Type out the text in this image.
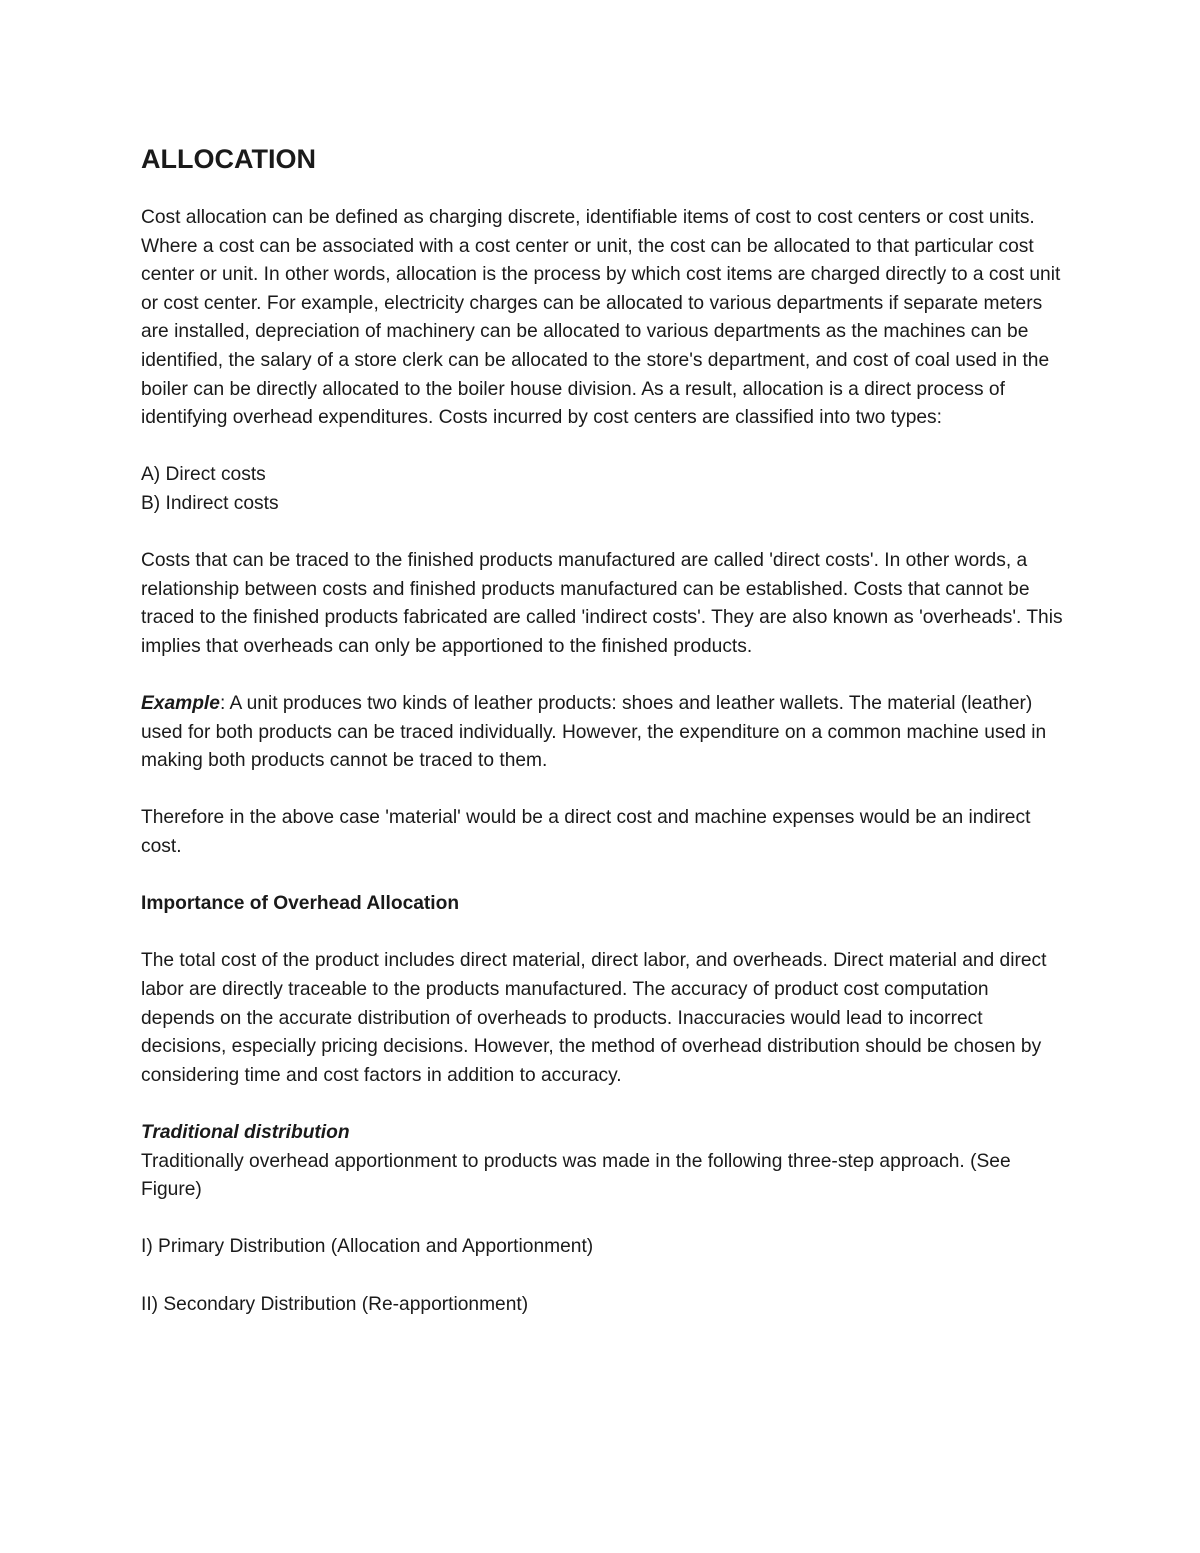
ALLOCATION

Cost allocation can be defined as charging discrete, identifiable items of cost to cost centers or cost units. Where a cost can be associated with a cost center or unit, the cost can be allocated to that particular cost center or unit. In other words, allocation is the process by which cost items are charged directly to a cost unit or cost center. For example, electricity charges can be allocated to various departments if separate meters are installed, depreciation of machinery can be allocated to various departments as the machines can be identified, the salary of a store clerk can be allocated to the store's department, and cost of coal used in the boiler can be directly allocated to the boiler house division. As a result, allocation is a direct process of identifying overhead expenditures. Costs incurred by cost centers are classified into two types:

A) Direct costs

B) Indirect costs

Costs that can be traced to the finished products manufactured are called 'direct costs'. In other words, a relationship between costs and finished products manufactured can be established. Costs that cannot be traced to the finished products fabricated are called 'indirect costs'. They are also known as 'overheads'. This implies that overheads can only be apportioned to the finished products.

Example: A unit produces two kinds of leather products: shoes and leather wallets. The material (leather) used for both products can be traced individually. However, the expenditure on a common machine used in making both products cannot be traced to them.

Therefore in the above case 'material' would be a direct cost and machine expenses would be an indirect cost.

Importance of Overhead Allocation

The total cost of the product includes direct material, direct labor, and overheads. Direct material and direct labor are directly traceable to the products manufactured. The accuracy of product cost computation depends on the accurate distribution of overheads to products. Inaccuracies would lead to incorrect decisions, especially pricing decisions. However, the method of overhead distribution should be chosen by considering time and cost factors in addition to accuracy.

Traditional distribution

Traditionally overhead apportionment to products was made in the following three-step approach. (See Figure)

I) Primary Distribution (Allocation and Apportionment)

II) Secondary Distribution (Re-apportionment)
